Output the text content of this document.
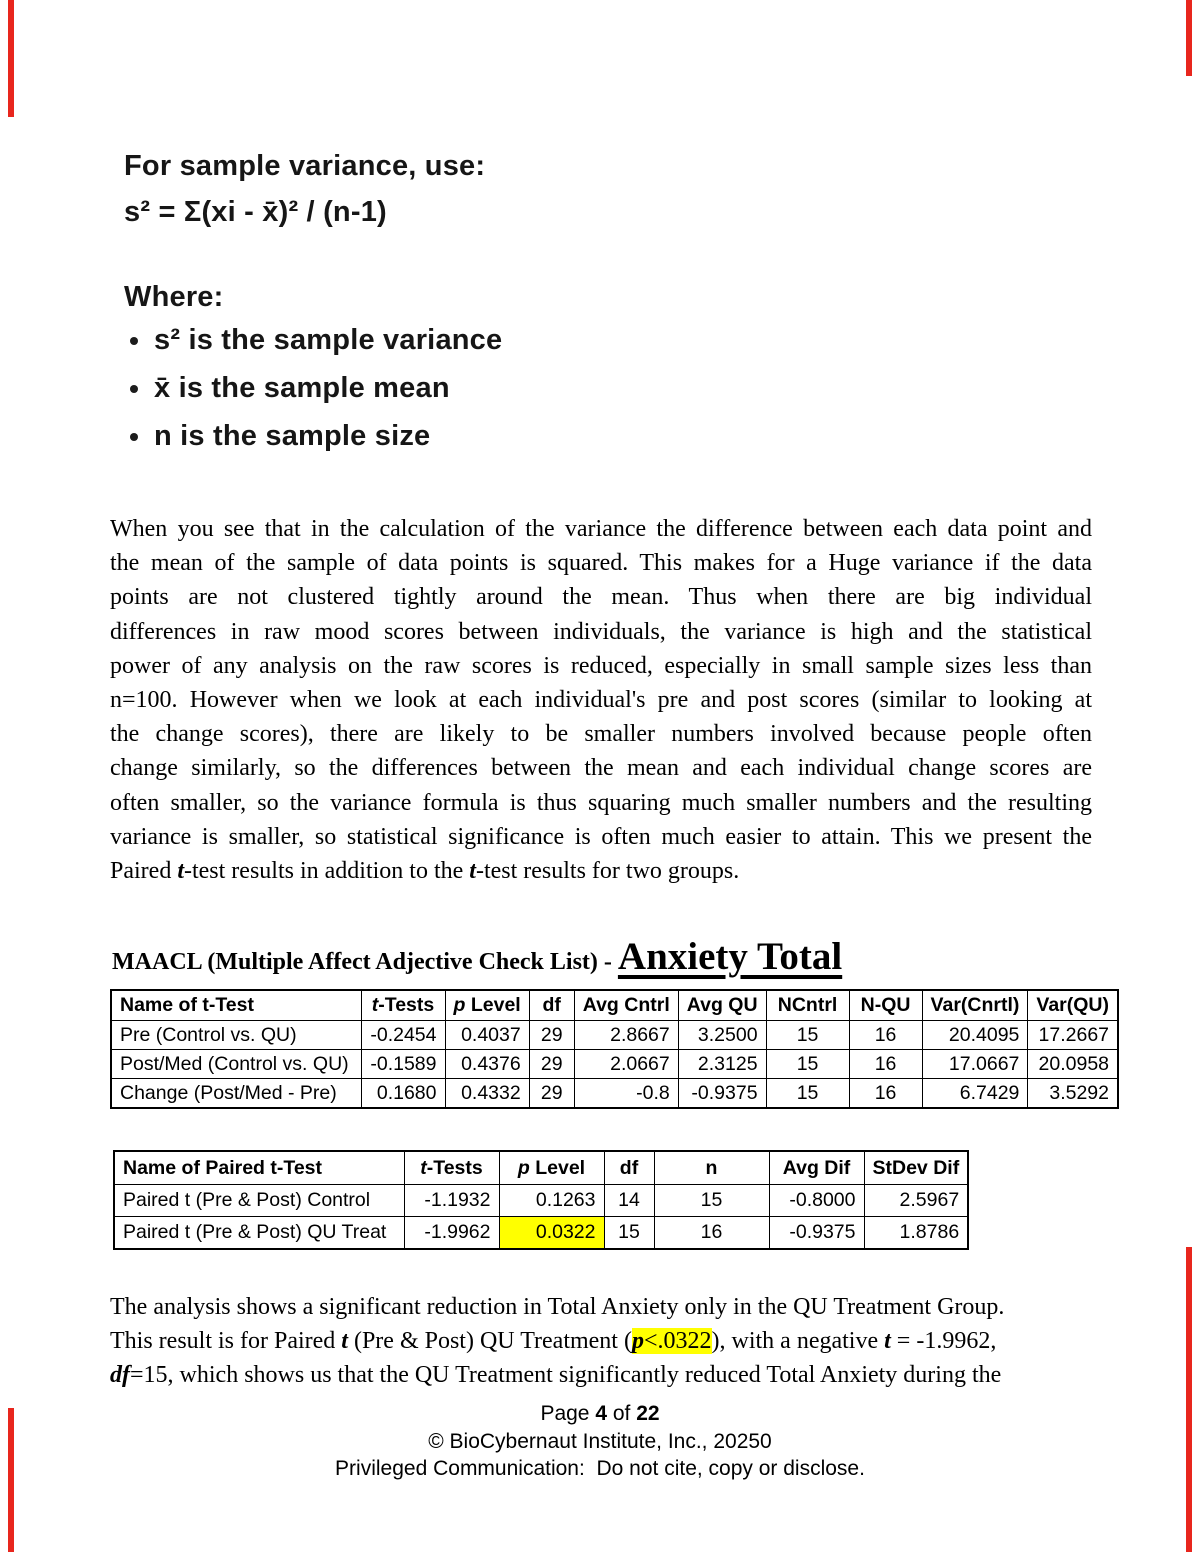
For sample variance, use:
s² = Σ(xi - x̄)² / (n-1)
Where:
s² is the sample variance
x̄ is the sample mean
n is the sample size
When you see that in the calculation of the variance the difference between each data point and
the mean of the sample of data points is squared. This makes for a Huge variance if the data
points are not clustered tightly around the mean. Thus when there are big individual
differences in raw mood scores between individuals, the variance is high and the statistical
power of any analysis on the raw scores is reduced, especially in small sample sizes less than
n=100. However when we look at each individual's pre and post scores (similar to looking at
the change scores), there are likely to be smaller numbers involved because people often
change similarly, so the differences between the mean and each individual change scores are
often smaller, so the variance formula is thus squaring much smaller numbers and the resulting
variance is smaller, so statistical significance is often much easier to attain. This we present the
Paired t-test results in addition to the t-test results for two groups.
MAACL (Multiple Affect Adjective Check List) - Anxiety Total
Name of t-Test	t-Tests	p Level	df	Avg Cntrl	Avg QU	NCntrl	N-QU	Var(Cnrtl)	Var(QU)
Pre (Control vs. QU)	-0.2454	0.4037	29	2.8667	3.2500	15	16	20.4095	17.2667
Post/Med (Control vs. QU)	-0.1589	0.4376	29	2.0667	2.3125	15	16	17.0667	20.0958
Change (Post/Med - Pre)	0.1680	0.4332	29	-0.8	-0.9375	15	16	6.7429	3.5292
Name of Paired t-Test	t-Tests	p Level	df	n	Avg Dif	StDev Dif
Paired t (Pre & Post) Control	-1.1932	0.1263	14	15	-0.8000	2.5967
Paired t (Pre & Post) QU Treat	-1.9962	0.0322	15	16	-0.9375	1.8786
The analysis shows a significant reduction in Total Anxiety only in the QU Treatment Group.
This result is for Paired t (Pre & Post) QU Treatment (p<.0322), with a negative t = -1.9962,
df=15, which shows us that the QU Treatment significantly reduced Total Anxiety during the
Page 4 of 22
© BioCybernaut Institute, Inc., 20250
Privileged Communication:  Do not cite, copy or disclose.
